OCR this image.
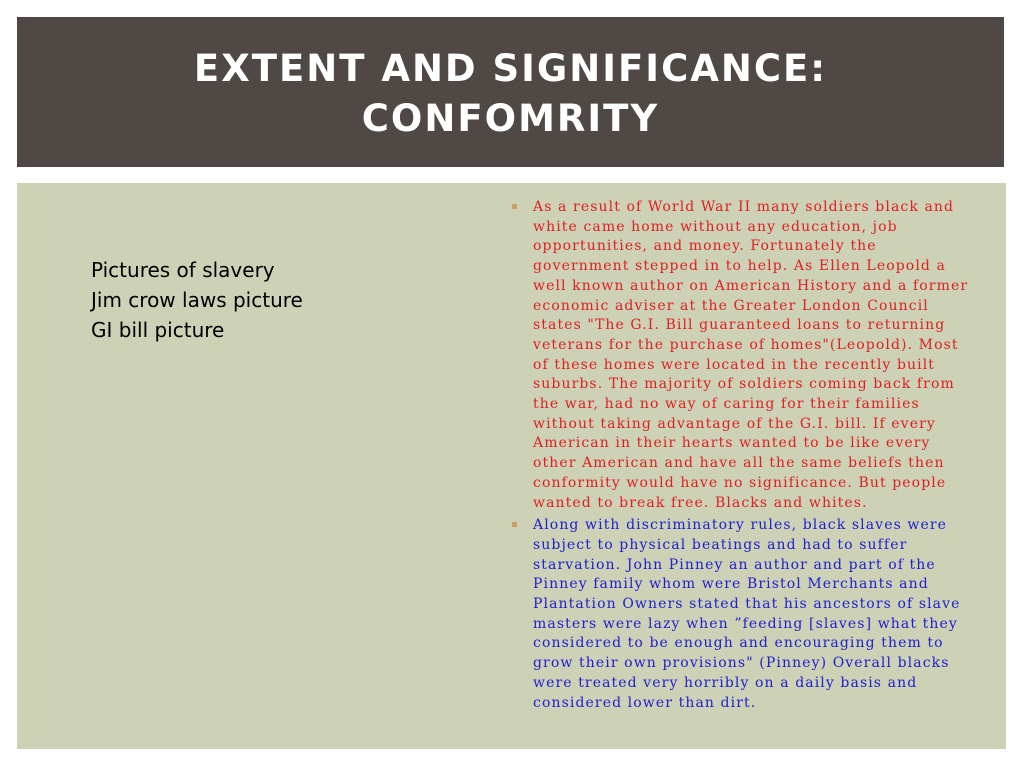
EXTENT AND SIGNIFICANCE:
CONFOMRITY
Pictures of slavery
Jim crow laws picture
GI bill picture
As a result of World War II many soldiers black and white came home without any education, job opportunities, and money. Fortunately the government stepped in to help. As Ellen Leopold a well known author on American History and a former economic adviser at the Greater London Council states "The G.I. Bill guaranteed loans to returning veterans for the purchase of homes"(Leopold). Most of these homes were located in the recently built suburbs. The majority of soldiers coming back from the war, had no way of caring for their families without taking advantage of the G.I. bill. If every American in their hearts wanted to be like every other American and have all the same beliefs then conformity would have no significance. But people wanted to break free. Blacks and whites.
Along with discriminatory rules, black slaves were subject to physical beatings and had to suffer starvation. John Pinney an author and part of the Pinney family whom were Bristol Merchants and Plantation Owners stated that his ancestors of slave masters were lazy when ”feeding [slaves] what they considered to be enough and encouraging them to grow their own provisions" (Pinney) Overall blacks were treated very horribly on a daily basis and considered lower than dirt.
